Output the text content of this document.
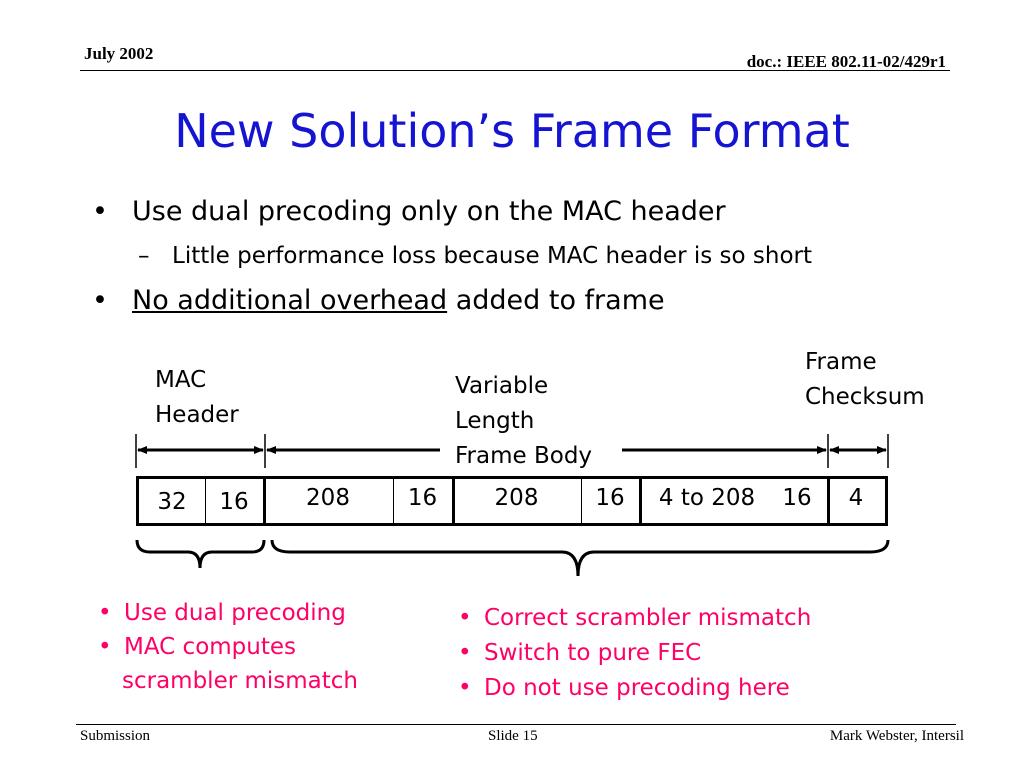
July 2002	doc.: IEEE 802.11-02/429r1
New Solution’s Frame Format
• Use dual precoding only on the MAC header
– Little performance loss because MAC header is so short
• No additional overhead added to frame
MAC
Header
Variable
Length
Frame Body
Frame
Checksum
32	16	208	16	208	16	4 to 208	16	4
• Use dual precoding
• MAC computes
scrambler mismatch
• Correct scrambler mismatch
• Switch to pure FEC
• Do not use precoding here
Submission	Slide 15	Mark Webster, Intersil
